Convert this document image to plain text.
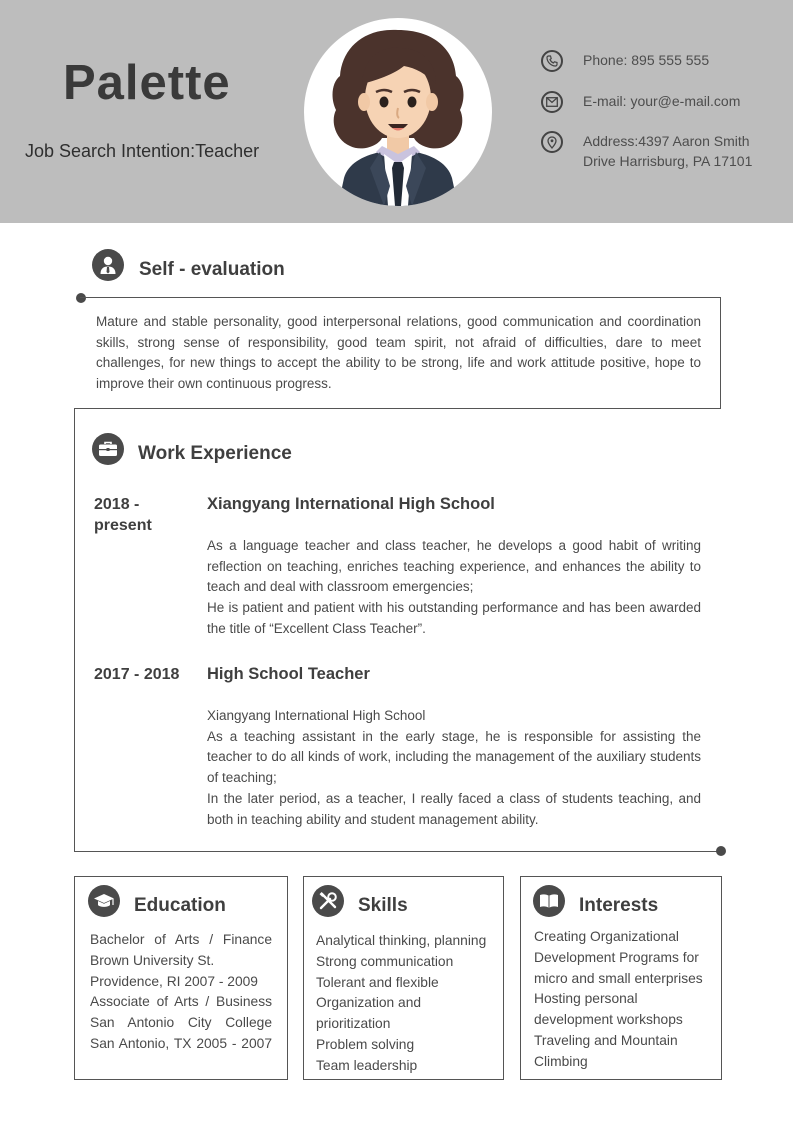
Palette
Job Search Intention:Teacher
Phone: 895 555 555
E-mail: your@e-mail.com
Address:4397 Aaron Smith
Drive Harrisburg, PA 17101
Self - evaluation
Mature and stable personality, good interpersonal relations, good communication and coordination skills, strong sense of responsibility, good team spirit, not afraid of difficulties, dare to meet challenges, for new things to accept the ability to be strong, life and work attitude positive, hope to improve their own continuous progress.
Work Experience
2018 - present
Xiangyang International High School
As a language teacher and class teacher, he develops a good habit of writing reflection on teaching, enriches teaching experience, and enhances the ability to teach and deal with classroom emergencies;
He is patient and patient with his outstanding performance and has been awarded the title of “Excellent Class Teacher”.
2017 - 2018 High School Teacher
Xiangyang International High School
As a teaching assistant in the early stage, he is responsible for assisting the teacher to do all kinds of work, including the management of the auxiliary students of teaching;
In the later period, as a teacher, I really faced a class of students teaching, and both in teaching ability and student management ability.
Education
Bachelor of Arts / Finance
Brown University St.
Providence, RI 2007 - 2009
Associate of Arts / Business
San Antonio City College
San Antonio, TX 2005 - 2007
Skills
Analytical thinking, planning
Strong communication
Tolerant and flexible
Organization and
prioritization
Problem solving
Team leadership
Interests
Creating Organizational
Development Programs for
micro and small enterprises
Hosting personal
development workshops
Traveling and Mountain
Climbing
